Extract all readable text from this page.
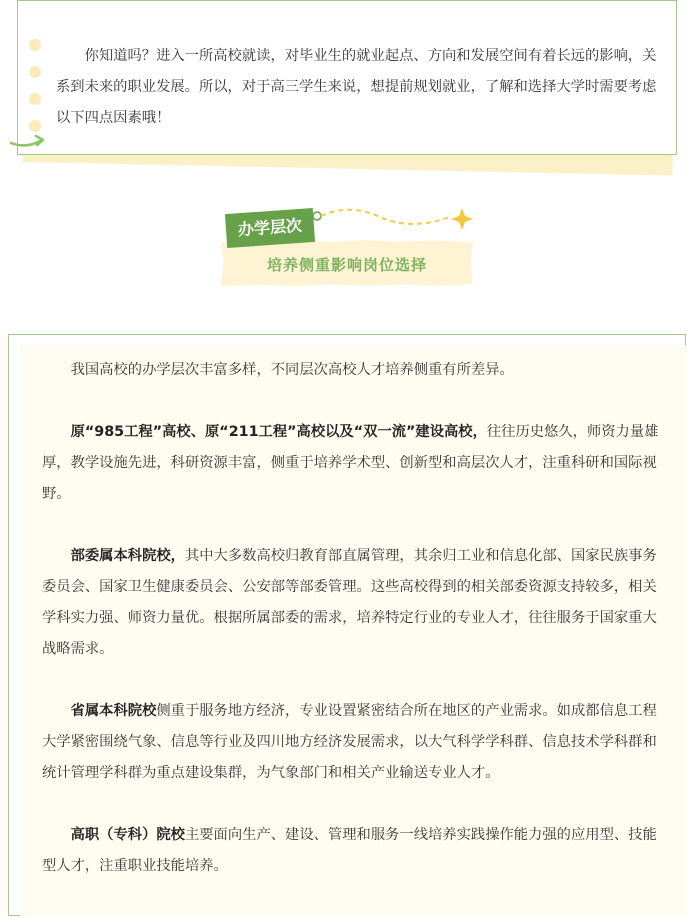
你知道吗？进入一所高校就读，对毕业生的就业起点、方向和发展空间有着长远的影响，关系到未来的职业发展。所以，对于高三学生来说，想提前规划就业，了解和选择大学时需要考虑以下四点因素哦！

培养侧重影响岗位选择
办学层次

我国高校的办学层次丰富多样，不同层次高校人才培养侧重有所差异。

原“985工程”高校、原“211工程”高校以及“双一流”建设高校，往往历史悠久，师资力量雄厚，教学设施先进，科研资源丰富，侧重于培养学术型、创新型和高层次人才，注重科研和国际视野。

部委属本科院校，其中大多数高校归教育部直属管理，其余归工业和信息化部、国家民族事务委员会、国家卫生健康委员会、公安部等部委管理。这些高校得到的相关部委资源支持较多，相关学科实力强、师资力量优。根据所属部委的需求，培养特定行业的专业人才，往往服务于国家重大战略需求。

省属本科院校侧重于服务地方经济，专业设置紧密结合所在地区的产业需求。如成都信息工程大学紧密围绕气象、信息等行业及四川地方经济发展需求，以大气科学学科群、信息技术学科群和统计管理学科群为重点建设集群，为气象部门和相关产业输送专业人才。

高职（专科）院校主要面向生产、建设、管理和服务一线培养实践操作能力强的应用型、技能型人才，注重职业技能培养。
